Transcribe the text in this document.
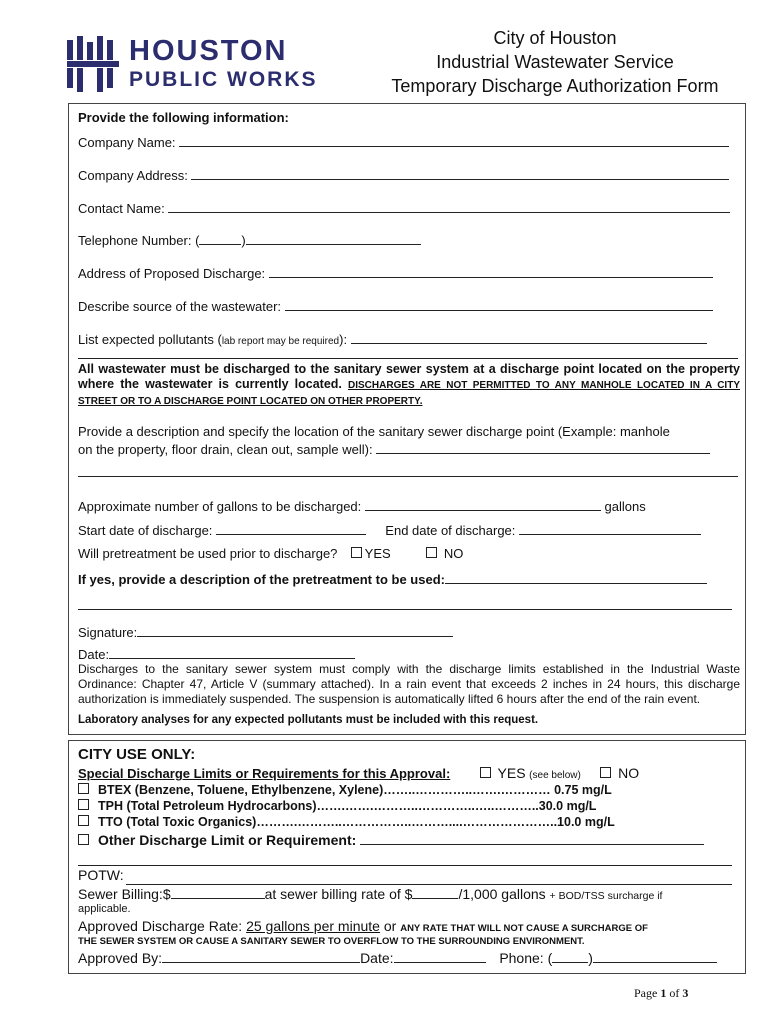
HOUSTON
PUBLIC WORKS
City of Houston
Industrial Wastewater Service
Temporary Discharge Authorization Form
Provide the following information:
Company Name:
Company Address:
Contact Name:
Telephone Number: (	)
Address of Proposed Discharge:
Describe source of the wastewater:
List expected pollutants (lab report may be required):
All wastewater must be discharged to the sanitary sewer system at a discharge point located on the property where the wastewater is currently located. DISCHARGES ARE NOT PERMITTED TO ANY MANHOLE LOCATED IN A CITY STREET OR TO A DISCHARGE POINT LOCATED ON OTHER PROPERTY.
Provide a description and specify the location of the sanitary sewer discharge point (Example: manhole
on the property, floor drain, clean out, sample well):
Approximate number of gallons to be discharged:	gallons
Start date of discharge:	End date of discharge:
Will pretreatment be used prior to discharge? YES	NO
If yes, provide a description of the pretreatment to be used:
Signature:
Date:
Discharges to the sanitary sewer system must comply with the discharge limits established in the Industrial Waste Ordinance: Chapter 47, Article V (summary attached). In a rain event that exceeds 2 inches in 24 hours, this discharge authorization is immediately suspended. The suspension is automatically lifted 6 hours after the end of the rain event.
Laboratory analyses for any expected pollutants must be included with this request.
CITY USE ONLY:
Special Discharge Limits or Requirements for this Approval:	YES (see below)	NO
BTEX (Benzene, Toluene, Ethylbenzene, Xylene)……..…………..…….………… 0.75 mg/L
TPH (Total Petroleum Hydrocarbons)…….…….………..…………..…..………..30.0 mg/L
TTO (Total Toxic Organics)……….………..……………..………....…………………..10.0 mg/L
Other Discharge Limit or Requirement:
POTW:
Sewer Billing:$	at sewer billing rate of $	/1,000 gallons + BOD/TSS surcharge if
applicable.
Approved Discharge Rate: 25 gallons per minute or ANY RATE THAT WILL NOT CAUSE A SURCHARGE OF
THE SEWER SYSTEM OR CAUSE A SANITARY SEWER TO OVERFLOW TO THE SURROUNDING ENVIRONMENT.
Approved By:	Date:	Phone: (	)
Page 1 of 3
